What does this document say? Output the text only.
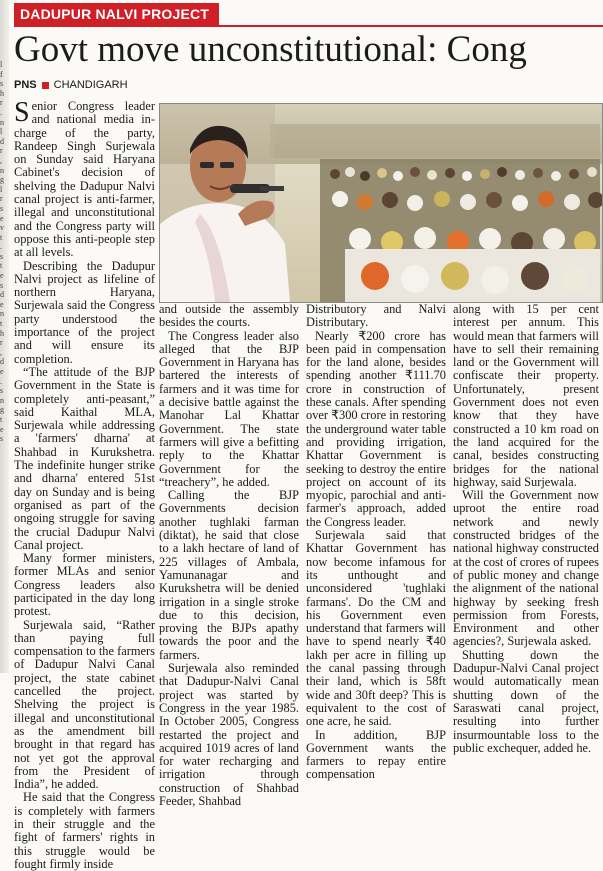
l
f
s
h
r
.
n
l
d
r
,
n
g
l
r
s
e
v
t
.
s
t
e
s
d
e
n
t
h
r
,
d
e
.
s
n
g
t
e
s
DADUPUR NALVI PROJECT
Govt move unconstitutional: Cong
PNS CHANDIGARH

Senior Congress leader and national media in-charge of the party, Randeep Singh Surjewala on Sunday said Haryana Cabinet's decision of shelving the Dadupur Nalvi canal project is anti-farmer, illegal and unconstitutional and the Congress party will oppose this anti-people step at all levels.

Describing the Dadupur Nalvi project as lifeline of northern Haryana, Surjewala said the Congress party understood the importance of the project and will ensure its completion.

“The attitude of the BJP Government in the State is completely anti-peasant,” said Kaithal MLA, Surjewala while addressing a 'farmers' dharna' at Shahbad in Kurukshetra. The indefinite hunger strike and dharna' entered 51st day on Sunday and is being organised as part of the ongoing struggle for saving the crucial Dadupur Nalvi Canal project.

Many former ministers, former MLAs and senior Congress leaders also participated in the day long protest.

Surjewala said, “Rather than paying full compensation to the farmers of Dadupur Nalvi Canal project, the state cabinet cancelled the project. Shelving the project is illegal and unconstitutional as the amendment bill brought in that regard has not yet got the approval from the President of India”, he added.

He said that the Congress is completely with farmers in their struggle and the fight of farmers' rights in this struggle would be fought firmly inside

and outside the assembly besides the courts.

The Congress leader also alleged that the BJP Government in Haryana has bartered the interests of farmers and it was time for a decisive battle against the Manohar Lal Khattar Government. The state farmers will give a befitting reply to the Khattar Government for the “treachery”, he added.

Calling the BJP Governments decision another tughlaki farman (diktat), he said that close to a lakh hectare of land of 225 villages of Ambala, Yamunanagar and Kurukshetra will be denied irrigation in a single stroke due to this decision, proving the BJPs apathy towards the poor and the farmers.

Surjewala also reminded that Dadupur-Nalvi Canal project was started by Congress in the year 1985. In October 2005, Congress restarted the project and acquired 1019 acres of land for water recharging and irrigation through construction of Shahbad Feeder, Shahbad

Distributory and Nalvi Distributary.

Nearly ₹200 crore has been paid in compensation for the land alone, besides spending another ₹111.70 crore in construction of these canals. After spending over ₹300 crore in restoring the underground water table and providing irrigation, Khattar Government is seeking to destroy the entire project on account of its myopic, parochial and anti-farmer's approach, added the Congress leader.

Surjewala said that Khattar Government has now become infamous for its unthought and unconsidered 'tughlaki farmans'. Do the CM and his Government even understand that farmers will have to spend nearly ₹40 lakh per acre in filling up the canal passing through their land, which is 58ft wide and 30ft deep? This is equivalent to the cost of one acre, he said.

In addition, BJP Government wants the farmers to repay entire compensation

along with 15 per cent interest per annum. This would mean that farmers will have to sell their remaining land or the Government will confiscate their property. Unfortunately, present Government does not even know that they have constructed a 10 km road on the land acquired for the canal, besides constructing bridges for the national highway, said Surjewala.

Will the Government now uproot the entire road network and newly constructed bridges of the national highway constructed at the cost of crores of rupees of public money and change the alignment of the national highway by seeking fresh permission from Forests, Environment and other agencies?, Surjewala asked.

Shutting down the Dadupur-Nalvi Canal project would automatically mean shutting down of the Saraswati canal project, resulting into further insurmountable loss to the public exchequer, added he.
